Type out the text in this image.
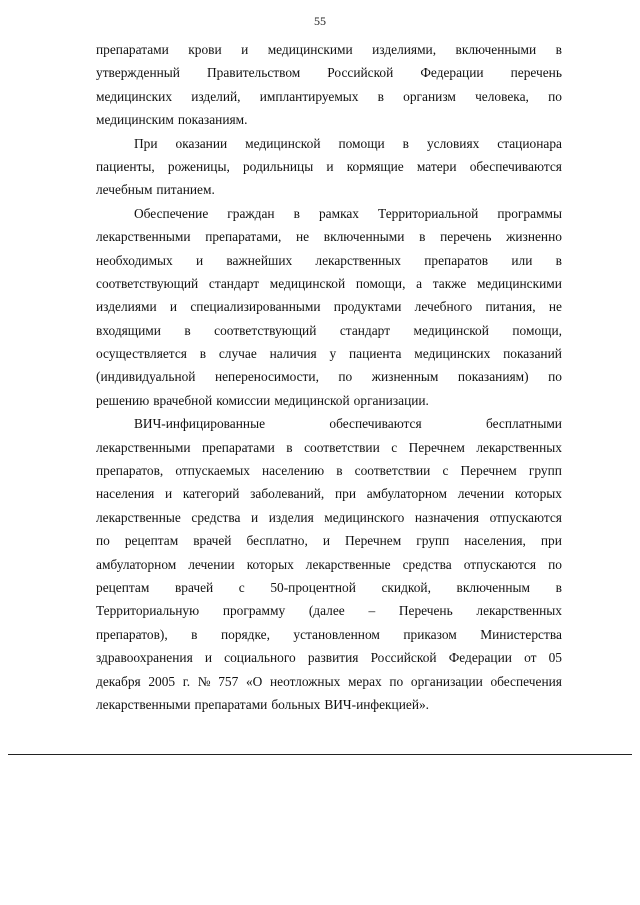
55
препаратами крови и медицинскими изделиями, включенными в
утвержденный Правительством Российской Федерации перечень
медицинских изделий, имплантируемых в организм человека, по
медицинским показаниям.
При оказании медицинской помощи в условиях стационара
пациенты, роженицы, родильницы и кормящие матери обеспечиваются
лечебным питанием.
Обеспечение граждан в рамках Территориальной программы
лекарственными препаратами, не включенными в перечень жизненно
необходимых и важнейших лекарственных препаратов или в
соответствующий стандарт медицинской помощи, а также медицинскими
изделиями и специализированными продуктами лечебного питания, не
входящими в соответствующий стандарт медицинской помощи,
осуществляется в случае наличия у пациента медицинских показаний
(индивидуальной непереносимости, по жизненным показаниям) по
решению врачебной комиссии медицинской организации.
ВИЧ-инфицированные	обеспечиваются	бесплатными
лекарственными препаратами в соответствии с Перечнем лекарственных
препаратов, отпускаемых населению в соответствии с Перечнем групп
населения и категорий заболеваний, при амбулаторном лечении которых
лекарственные средства и изделия медицинского назначения отпускаются
по рецептам врачей бесплатно, и Перечнем групп населения, при
амбулаторном лечении которых лекарственные средства отпускаются по
рецептам врачей с 50-процентной скидкой, включенным в
Территориальную программу (далее – Перечень лекарственных
препаратов), в порядке, установленном приказом Министерства
здравоохранения и социального развития Российской Федерации от 05
декабря 2005 г. № 757 «О неотложных мерах по организации обеспечения
лекарственными препаратами больных ВИЧ-инфекцией».
